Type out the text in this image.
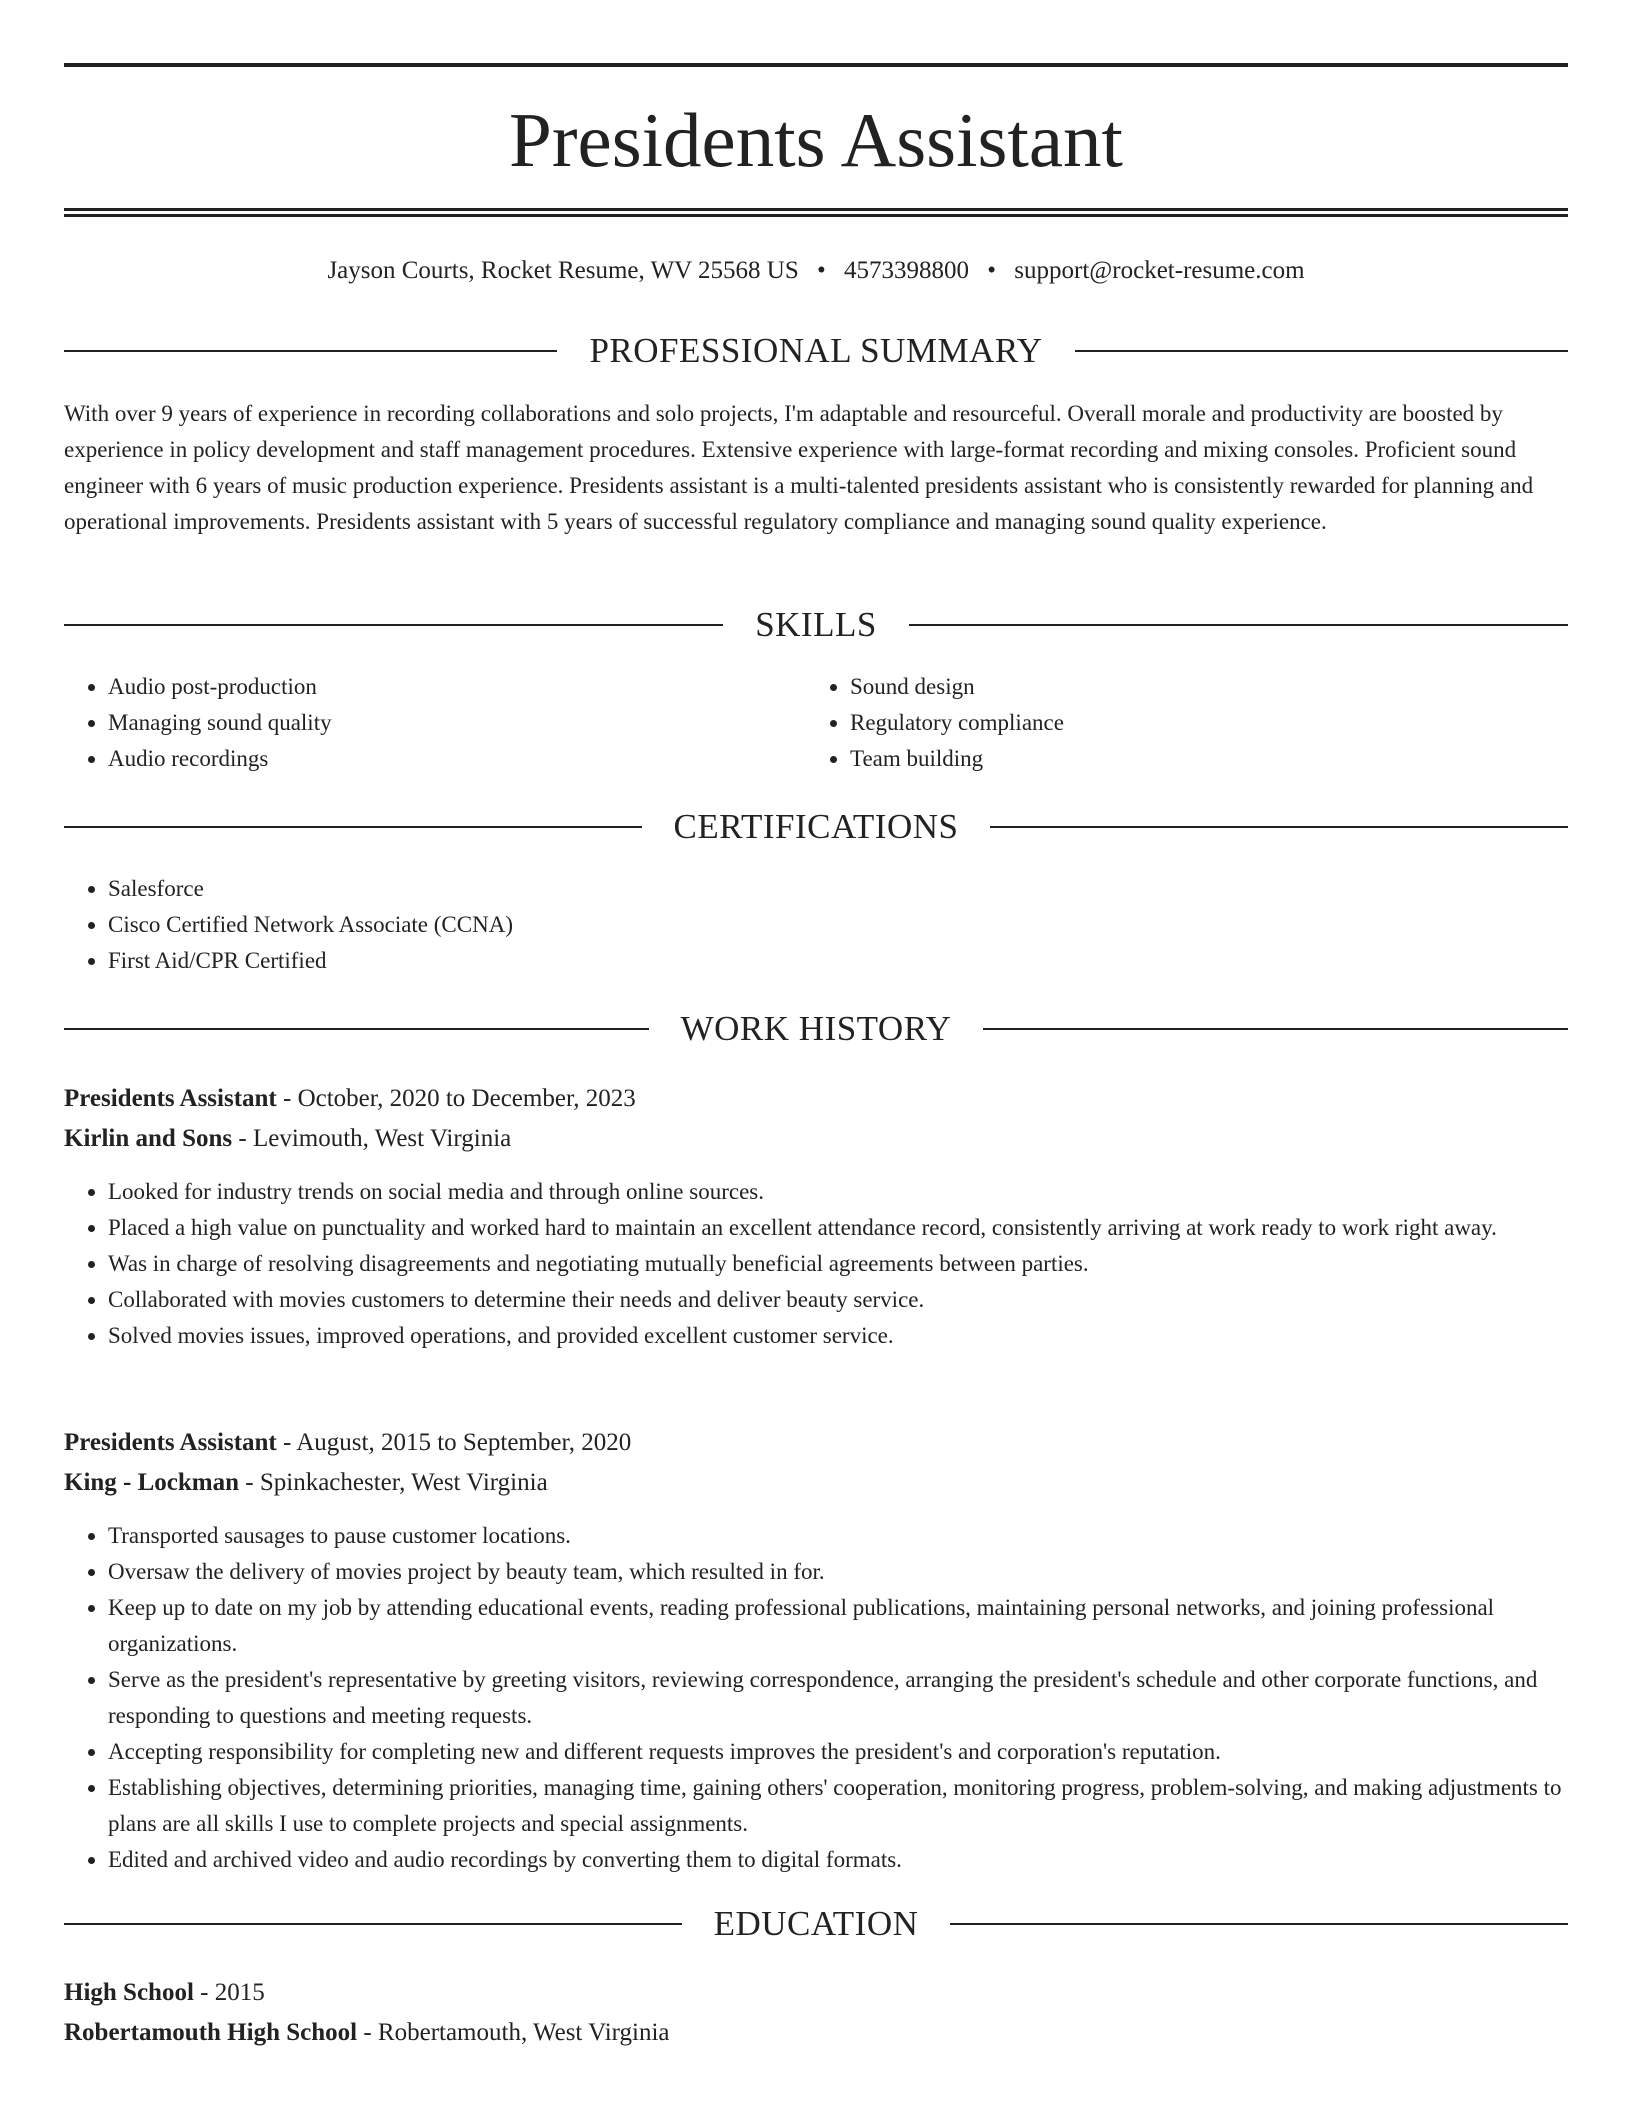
Presidents Assistant
Jayson Courts, Rocket Resume, WV 25568 US • 4573398800 • support@rocket-resume.com
PROFESSIONAL SUMMARY
With over 9 years of experience in recording collaborations and solo projects, I'm adaptable and resourceful. Overall morale and productivity are boosted by experience in policy development and staff management procedures. Extensive experience with large-format recording and mixing consoles. Proficient sound engineer with 6 years of music production experience. Presidents assistant is a multi-talented presidents assistant who is consistently rewarded for planning and operational improvements. Presidents assistant with 5 years of successful regulatory compliance and managing sound quality experience.
SKILLS
• Audio post-production
• Managing sound quality
• Audio recordings
• Sound design
• Regulatory compliance
• Team building
CERTIFICATIONS
• Salesforce
• Cisco Certified Network Associate (CCNA)
• First Aid/CPR Certified
WORK HISTORY
Presidents Assistant - October, 2020 to December, 2023
Kirlin and Sons - Levimouth, West Virginia
• Looked for industry trends on social media and through online sources.
• Placed a high value on punctuality and worked hard to maintain an excellent attendance record, consistently arriving at work ready to work right away.
• Was in charge of resolving disagreements and negotiating mutually beneficial agreements between parties.
• Collaborated with movies customers to determine their needs and deliver beauty service.
• Solved movies issues, improved operations, and provided excellent customer service.
Presidents Assistant - August, 2015 to September, 2020
King - Lockman - Spinkachester, West Virginia
• Transported sausages to pause customer locations.
• Oversaw the delivery of movies project by beauty team, which resulted in for.
• Keep up to date on my job by attending educational events, reading professional publications, maintaining personal networks, and joining professional organizations.
• Serve as the president's representative by greeting visitors, reviewing correspondence, arranging the president's schedule and other corporate functions, and responding to questions and meeting requests.
• Accepting responsibility for completing new and different requests improves the president's and corporation's reputation.
• Establishing objectives, determining priorities, managing time, gaining others' cooperation, monitoring progress, problem-solving, and making adjustments to plans are all skills I use to complete projects and special assignments.
• Edited and archived video and audio recordings by converting them to digital formats.
EDUCATION
High School - 2015
Robertamouth High School - Robertamouth, West Virginia
